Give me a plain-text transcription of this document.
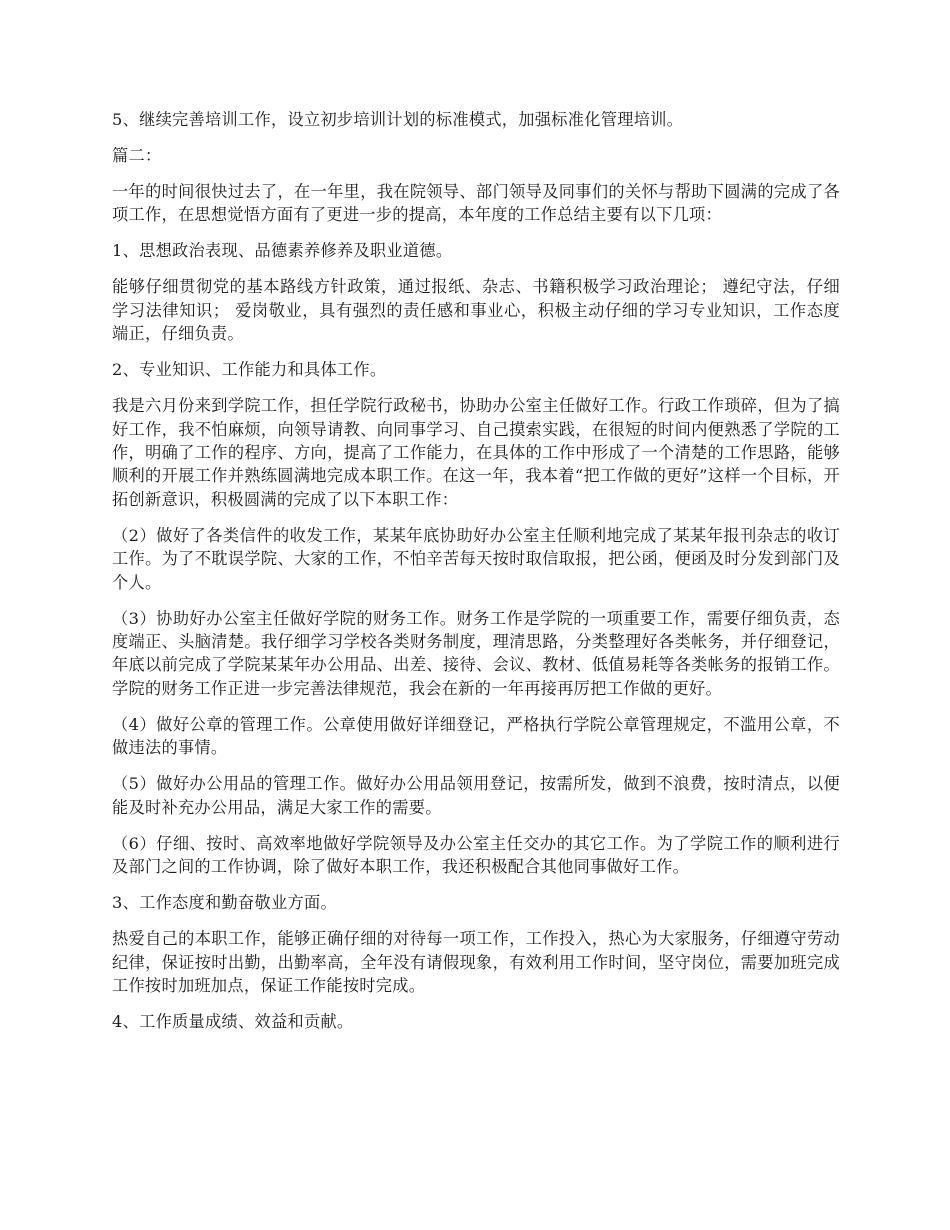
5、继续完善培训工作，设立初步培训计划的标准模式，加强标准化管理培训。

篇二：

一年的时间很快过去了，在一年里，我在院领导、部门领导及同事们的关怀与帮助下圆满的完成了各项工作，在思想觉悟方面有了更进一步的提高，本年度的工作总结主要有以下几项：

1、思想政治表现、品德素养修养及职业道德。

能够仔细贯彻党的基本路线方针政策，通过报纸、杂志、书籍积极学习政治理论； 遵纪守法，仔细学习法律知识； 爱岗敬业，具有强烈的责任感和事业心，积极主动仔细的学习专业知识，工作态度端正，仔细负责。

2、专业知识、工作能力和具体工作。

我是六月份来到学院工作，担任学院行政秘书，协助办公室主任做好工作。行政工作琐碎，但为了搞好工作，我不怕麻烦，向领导请教、向同事学习、自己摸索实践，在很短的时间内便熟悉了学院的工作，明确了工作的程序、方向，提高了工作能力，在具体的工作中形成了一个清楚的工作思路，能够顺利的开展工作并熟练圆满地完成本职工作。在这一年，我本着“把工作做的更好”这样一个目标，开拓创新意识，积极圆满的完成了以下本职工作：

（2）做好了各类信件的收发工作，某某年底协助好办公室主任顺利地完成了某某年报刊杂志的收订工作。为了不耽误学院、大家的工作，不怕辛苦每天按时取信取报，把公函，便函及时分发到部门及个人。

（3）协助好办公室主任做好学院的财务工作。财务工作是学院的一项重要工作，需要仔细负责，态度端正、头脑清楚。我仔细学习学校各类财务制度，理清思路，分类整理好各类帐务，并仔细登记，年底以前完成了学院某某年办公用品、出差、接待、会议、教材、低值易耗等各类帐务的报销工作。学院的财务工作正进一步完善法律规范，我会在新的一年再接再厉把工作做的更好。

（4）做好公章的管理工作。公章使用做好详细登记，严格执行学院公章管理规定，不滥用公章，不做违法的事情。

（5）做好办公用品的管理工作。做好办公用品领用登记，按需所发，做到不浪费，按时清点，以便能及时补充办公用品，满足大家工作的需要。

（6）仔细、按时、高效率地做好学院领导及办公室主任交办的其它工作。为了学院工作的顺利进行及部门之间的工作协调，除了做好本职工作，我还积极配合其他同事做好工作。

3、工作态度和勤奋敬业方面。

热爱自己的本职工作，能够正确仔细的对待每一项工作，工作投入，热心为大家服务，仔细遵守劳动纪律，保证按时出勤，出勤率高，全年没有请假现象，有效利用工作时间，坚守岗位，需要加班完成工作按时加班加点，保证工作能按时完成。

4、工作质量成绩、效益和贡献。
